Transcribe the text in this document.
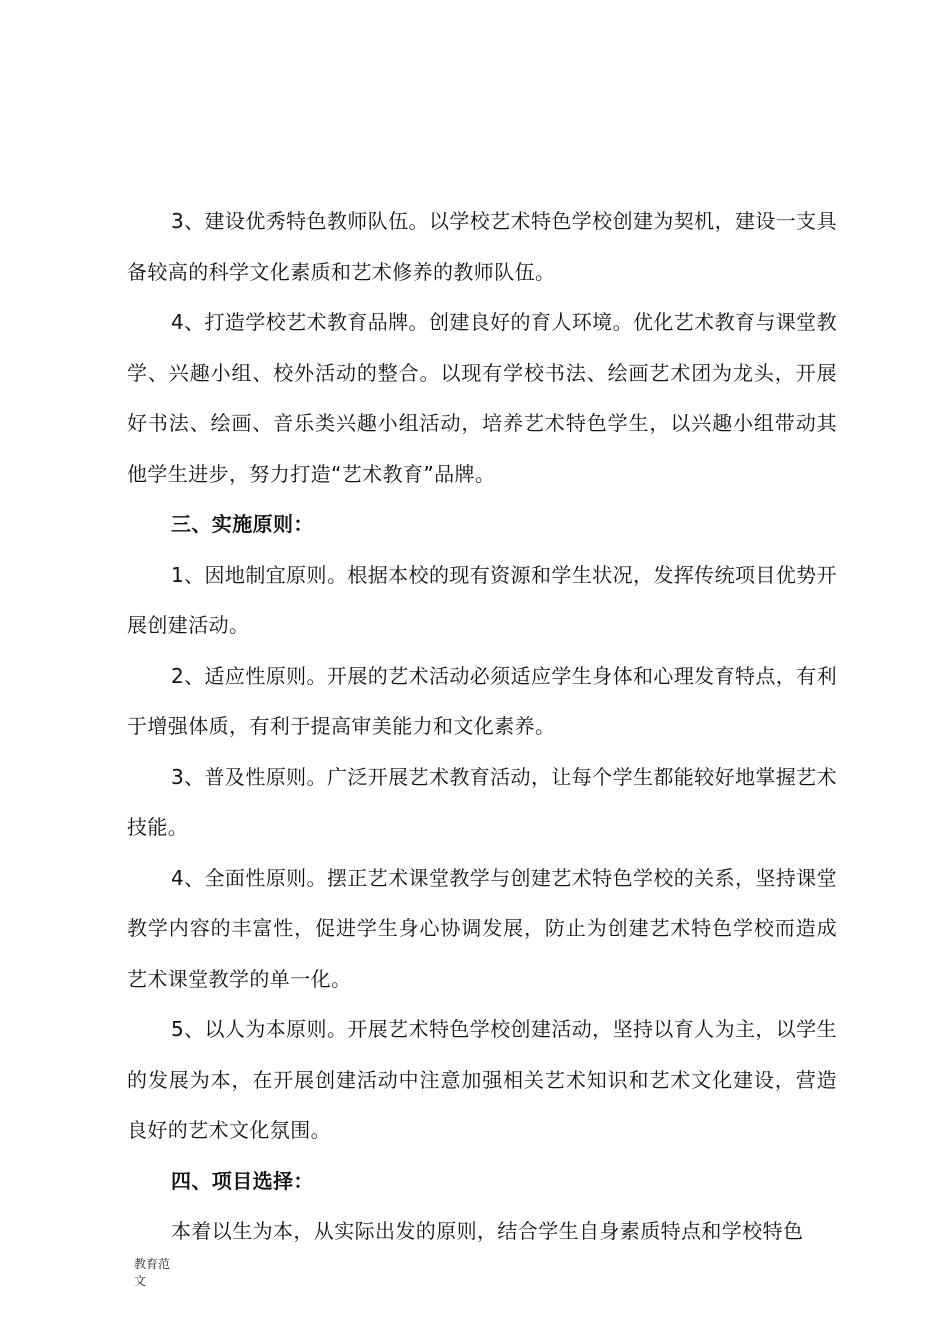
3、建设优秀特色教师队伍。以学校艺术特色学校创建为契机，建设一支具备较高的科学文化素质和艺术修养的教师队伍。

4、打造学校艺术教育品牌。创建良好的育人环境。优化艺术教育与课堂教学、兴趣小组、校外活动的整合。以现有学校书法、绘画艺术团为龙头，开展好书法、绘画、音乐类兴趣小组活动，培养艺术特色学生，以兴趣小组带动其他学生进步，努力打造“艺术教育”品牌。

三、实施原则：

1、因地制宜原则。根据本校的现有资源和学生状况，发挥传统项目优势开展创建活动。

2、适应性原则。开展的艺术活动必须适应学生身体和心理发育特点，有利于增强体质，有利于提高审美能力和文化素养。

3、普及性原则。广泛开展艺术教育活动，让每个学生都能较好地掌握艺术技能。

4、全面性原则。摆正艺术课堂教学与创建艺术特色学校的关系，坚持课堂教学内容的丰富性，促进学生身心协调发展，防止为创建艺术特色学校而造成艺术课堂教学的单一化。

5、以人为本原则。开展艺术特色学校创建活动，坚持以育人为主，以学生的发展为本，在开展创建活动中注意加强相关艺术知识和艺术文化建设，营造良好的艺术文化氛围。

四、项目选择：

本着以生为本，从实际出发的原则，结合学生自身素质特点和学校特色

教育范文
